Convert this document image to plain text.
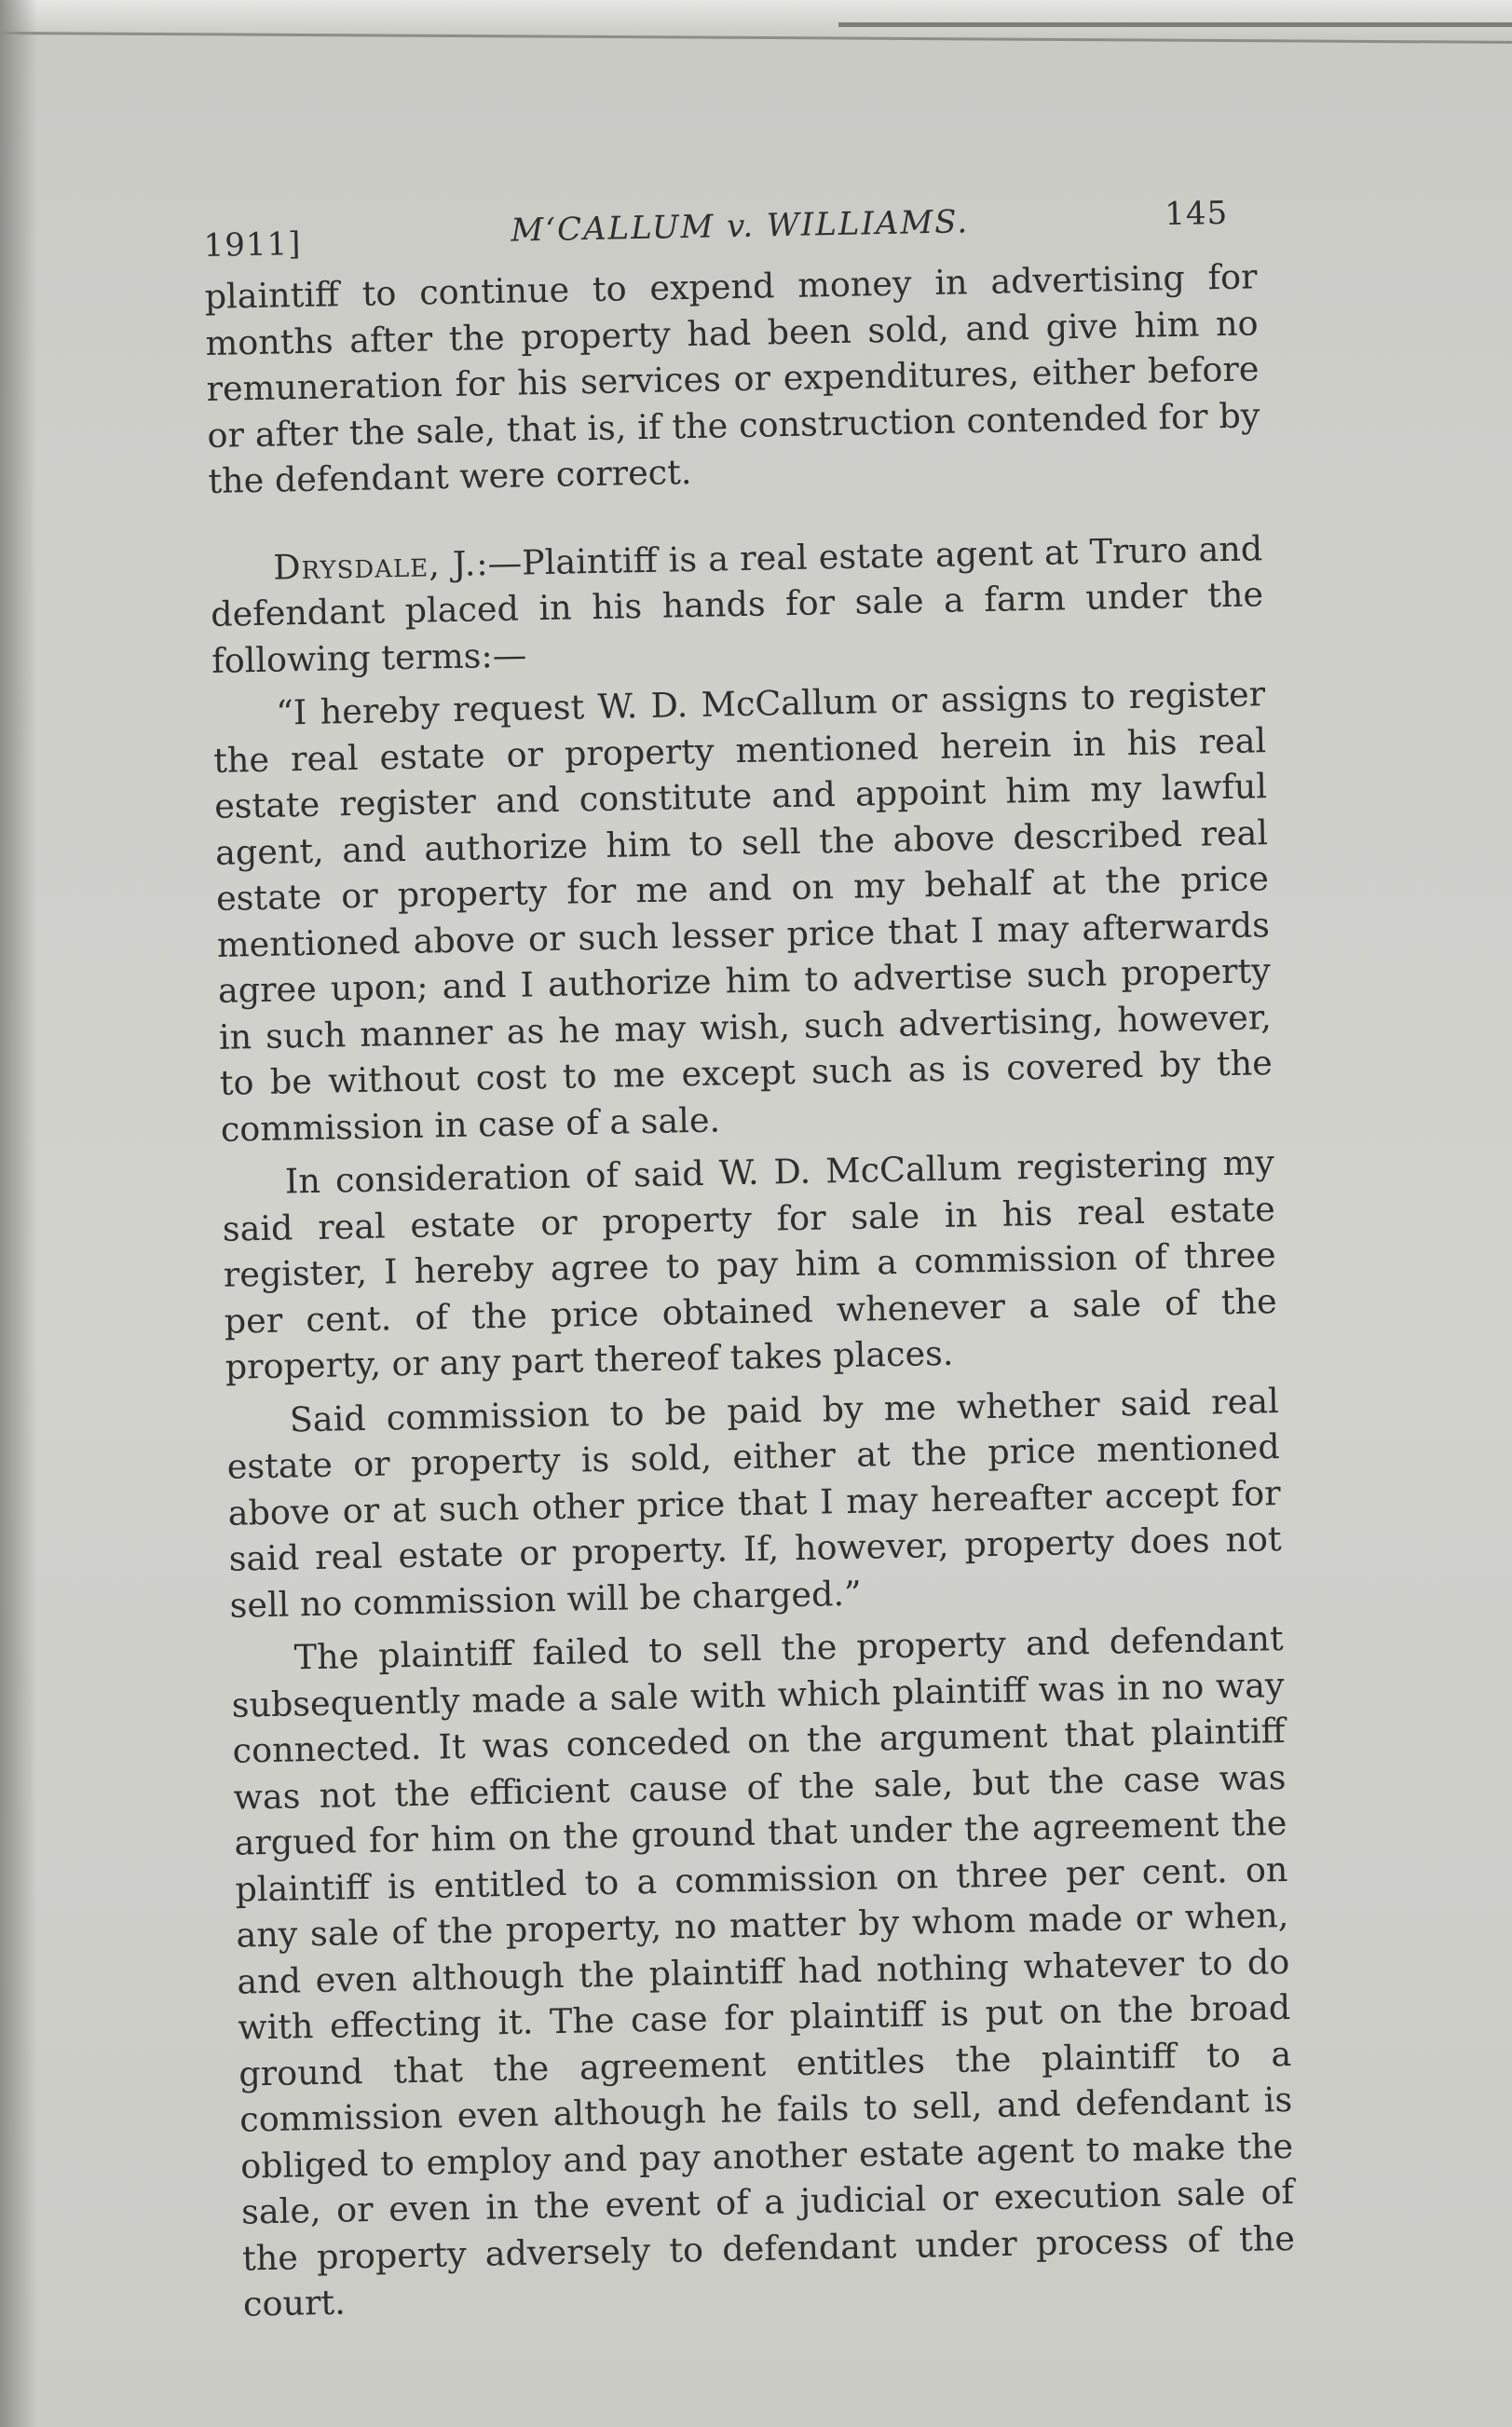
1911]	M‘CALLUM v. WILLIAMS.	145

plaintiff to continue to expend money in advertising for months after the property had been sold, and give him no remuneration for his services or expenditures, either before or after the sale, that is, if the construction contended for by the defendant were correct.

Drysdale, J.:—Plaintiff is a real estate agent at Truro and defendant placed in his hands for sale a farm under the following terms:—

“I hereby request W. D. McCallum or assigns to register the real estate or property mentioned herein in his real estate register and constitute and appoint him my lawful agent, and authorize him to sell the above described real estate or property for me and on my behalf at the price mentioned above or such lesser price that I may afterwards agree upon; and I authorize him to advertise such property in such manner as he may wish, such advertising, however, to be without cost to me except such as is covered by the commission in case of a sale.

In consideration of said W. D. McCallum registering my said real estate or property for sale in his real estate register, I hereby agree to pay him a commission of three per cent. of the price obtained whenever a sale of the property, or any part thereof takes places.

Said commission to be paid by me whether said real estate or property is sold, either at the price mentioned above or at such other price that I may hereafter accept for said real estate or property. If, however, property does not sell no commission will be charged.”

The plaintiff failed to sell the property and defendant subsequently made a sale with which plaintiff was in no way connected. It was conceded on the argument that plaintiff was not the efficient cause of the sale, but the case was argued for him on the ground that under the agreement the plaintiff is entitled to a commission on three per cent. on any sale of the property, no matter by whom made or when, and even although the plaintiff had nothing whatever to do with effecting it. The case for plaintiff is put on the broad ground that the agreement entitles the plaintiff to a commission even although he fails to sell, and defendant is obliged to employ and pay another estate agent to make the sale, or even in the event of a judicial or execution sale of the property adversely to defendant under process of the court.
